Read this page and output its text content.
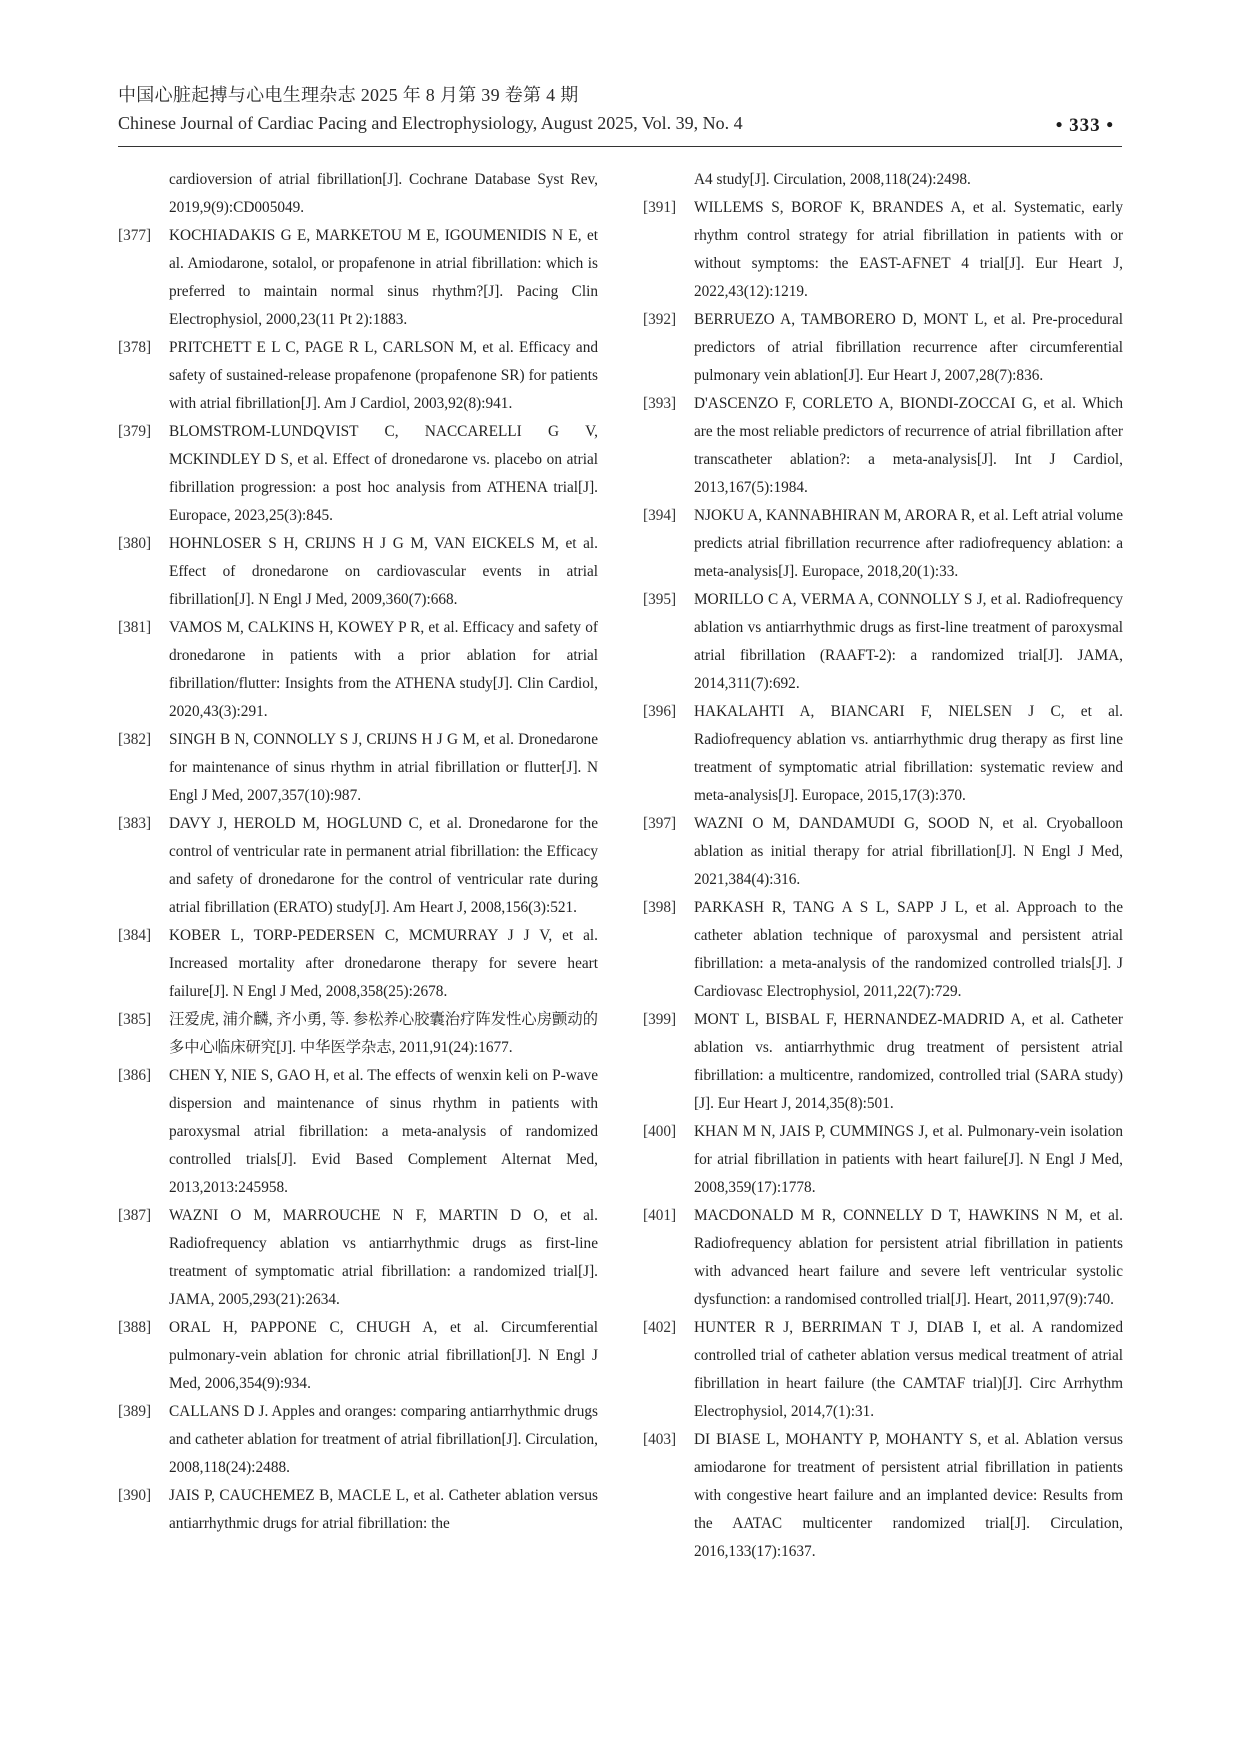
中国心脏起搏与心电生理杂志 2025 年 8 月第 39 卷第 4 期
Chinese Journal of Cardiac Pacing and Electrophysiology, August 2025, Vol. 39, No. 4	• 333 •
cardioversion of atrial fibrillation[J]. Cochrane Database Syst Rev, 2019,9(9):CD005049.
[377]	KOCHIADAKIS G E, MARKETOU M E, IGOUMENIDIS N E, et al. Amiodarone, sotalol, or propafenone in atrial fibrillation: which is preferred to maintain normal sinus rhythm?[J]. Pacing Clin Electrophysiol, 2000,23(11 Pt 2):1883.
[378]	PRITCHETT E L C, PAGE R L, CARLSON M, et al. Efficacy and safety of sustained-release propafenone (propafenone SR) for patients with atrial fibrillation[J]. Am J Cardiol, 2003,92(8):941.
[379]	BLOMSTROM-LUNDQVIST C, NACCARELLI G V, MCKINDLEY D S, et al. Effect of dronedarone vs. placebo on atrial fibrillation progression: a post hoc analysis from ATHENA trial[J]. Europace, 2023,25(3):845.
[380]	HOHNLOSER S H, CRIJNS H J G M, VAN EICKELS M, et al. Effect of dronedarone on cardiovascular events in atrial fibrillation[J]. N Engl J Med, 2009,360(7):668.
[381]	VAMOS M, CALKINS H, KOWEY P R, et al. Efficacy and safety of dronedarone in patients with a prior ablation for atrial fibrillation/flutter: Insights from the ATHENA study[J]. Clin Cardiol, 2020,43(3):291.
[382]	SINGH B N, CONNOLLY S J, CRIJNS H J G M, et al. Dronedarone for maintenance of sinus rhythm in atrial fibrillation or flutter[J]. N Engl J Med, 2007,357(10):987.
[383]	DAVY J, HEROLD M, HOGLUND C, et al. Dronedarone for the control of ventricular rate in permanent atrial fibrillation: the Efficacy and safety of dronedarone for the control of ventricular rate during atrial fibrillation (ERATO) study[J]. Am Heart J, 2008,156(3):521.
[384]	KOBER L, TORP-PEDERSEN C, MCMURRAY J J V, et al. Increased mortality after dronedarone therapy for severe heart failure[J]. N Engl J Med, 2008,358(25):2678.
[385]	汪爱虎, 浦介麟, 齐小勇, 等. 参松养心胶囊治疗阵发性心房颤动的多中心临床研究[J]. 中华医学杂志, 2011,91(24):1677.
[386]	CHEN Y, NIE S, GAO H, et al. The effects of wenxin keli on P-wave dispersion and maintenance of sinus rhythm in patients with paroxysmal atrial fibrillation: a meta-analysis of randomized controlled trials[J]. Evid Based Complement Alternat Med, 2013,2013:245958.
[387]	WAZNI O M, MARROUCHE N F, MARTIN D O, et al. Radiofrequency ablation vs antiarrhythmic drugs as first-line treatment of symptomatic atrial fibrillation: a randomized trial[J]. JAMA, 2005,293(21):2634.
[388]	ORAL H, PAPPONE C, CHUGH A, et al. Circumferential pulmonary-vein ablation for chronic atrial fibrillation[J]. N Engl J Med, 2006,354(9):934.
[389]	CALLANS D J. Apples and oranges: comparing antiarrhythmic drugs and catheter ablation for treatment of atrial fibrillation[J]. Circulation, 2008,118(24):2488.
[390]	JAIS P, CAUCHEMEZ B, MACLE L, et al. Catheter ablation versus antiarrhythmic drugs for atrial fibrillation: the
A4 study[J]. Circulation, 2008,118(24):2498.
[391]	WILLEMS S, BOROF K, BRANDES A, et al. Systematic, early rhythm control strategy for atrial fibrillation in patients with or without symptoms: the EAST-AFNET 4 trial[J]. Eur Heart J, 2022,43(12):1219.
[392]	BERRUEZO A, TAMBORERO D, MONT L, et al. Pre-procedural predictors of atrial fibrillation recurrence after circumferential pulmonary vein ablation[J]. Eur Heart J, 2007,28(7):836.
[393]	D'ASCENZO F, CORLETO A, BIONDI-ZOCCAI G, et al. Which are the most reliable predictors of recurrence of atrial fibrillation after transcatheter ablation?: a meta-analysis[J]. Int J Cardiol, 2013,167(5):1984.
[394]	NJOKU A, KANNABHIRAN M, ARORA R, et al. Left atrial volume predicts atrial fibrillation recurrence after radiofrequency ablation: a meta-analysis[J]. Europace, 2018,20(1):33.
[395]	MORILLO C A, VERMA A, CONNOLLY S J, et al. Radiofrequency ablation vs antiarrhythmic drugs as first-line treatment of paroxysmal atrial fibrillation (RAAFT-2): a randomized trial[J]. JAMA, 2014,311(7):692.
[396]	HAKALAHTI A, BIANCARI F, NIELSEN J C, et al. Radiofrequency ablation vs. antiarrhythmic drug therapy as first line treatment of symptomatic atrial fibrillation: systematic review and meta-analysis[J]. Europace, 2015,17(3):370.
[397]	WAZNI O M, DANDAMUDI G, SOOD N, et al. Cryoballoon ablation as initial therapy for atrial fibrillation[J]. N Engl J Med, 2021,384(4):316.
[398]	PARKASH R, TANG A S L, SAPP J L, et al. Approach to the catheter ablation technique of paroxysmal and persistent atrial fibrillation: a meta-analysis of the randomized controlled trials[J]. J Cardiovasc Electrophysiol, 2011,22(7):729.
[399]	MONT L, BISBAL F, HERNANDEZ-MADRID A, et al. Catheter ablation vs. antiarrhythmic drug treatment of persistent atrial fibrillation: a multicentre, randomized, controlled trial (SARA study)[J]. Eur Heart J, 2014,35(8):501.
[400]	KHAN M N, JAIS P, CUMMINGS J, et al. Pulmonary-vein isolation for atrial fibrillation in patients with heart failure[J]. N Engl J Med, 2008,359(17):1778.
[401]	MACDONALD M R, CONNELLY D T, HAWKINS N M, et al. Radiofrequency ablation for persistent atrial fibrillation in patients with advanced heart failure and severe left ventricular systolic dysfunction: a randomised controlled trial[J]. Heart, 2011,97(9):740.
[402]	HUNTER R J, BERRIMAN T J, DIAB I, et al. A randomized controlled trial of catheter ablation versus medical treatment of atrial fibrillation in heart failure (the CAMTAF trial)[J]. Circ Arrhythm Electrophysiol, 2014,7(1):31.
[403]	DI BIASE L, MOHANTY P, MOHANTY S, et al. Ablation versus amiodarone for treatment of persistent atrial fibrillation in patients with congestive heart failure and an implanted device: Results from the AATAC multicenter randomized trial[J]. Circulation, 2016,133(17):1637.
